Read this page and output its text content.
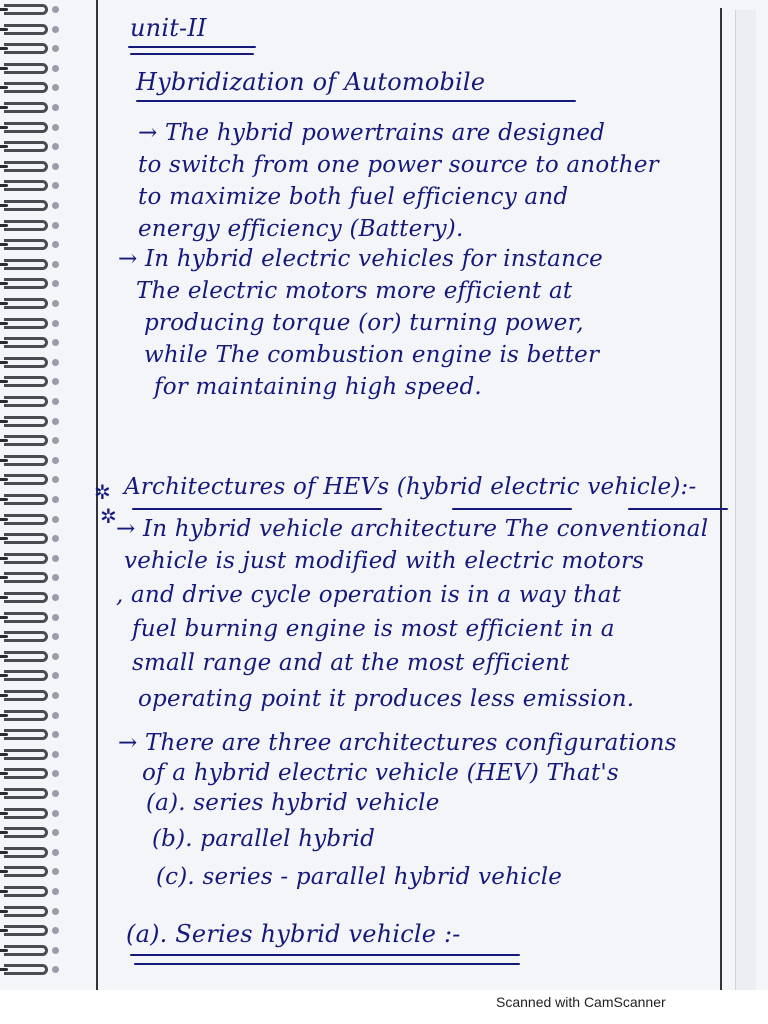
unit-II
Hybridization of Automobile
→ The hybrid powertrains are designed
to switch from one power source to another
to maximize both fuel efficiency and
energy efficiency (Battery).
→ In hybrid electric vehicles for instance
The electric motors more efficient at
producing torque (or) turning power,
while The combustion engine is better
for maintaining high speed.
✲
✲
Architectures of HEVs (hybrid electric vehicle):-
→ In hybrid vehicle architecture The conventional
vehicle is just modified with electric motors
, and drive cycle operation is in a way that
fuel burning engine is most efficient in a
small range and at the most efficient
operating point it produces less emission.
→ There are three architectures configurations
of a hybrid electric vehicle (HEV) That's
(a). series hybrid vehicle
(b). parallel hybrid
(c). series - parallel hybrid vehicle
(a). Series hybrid vehicle :-
Scanned with CamScanner
